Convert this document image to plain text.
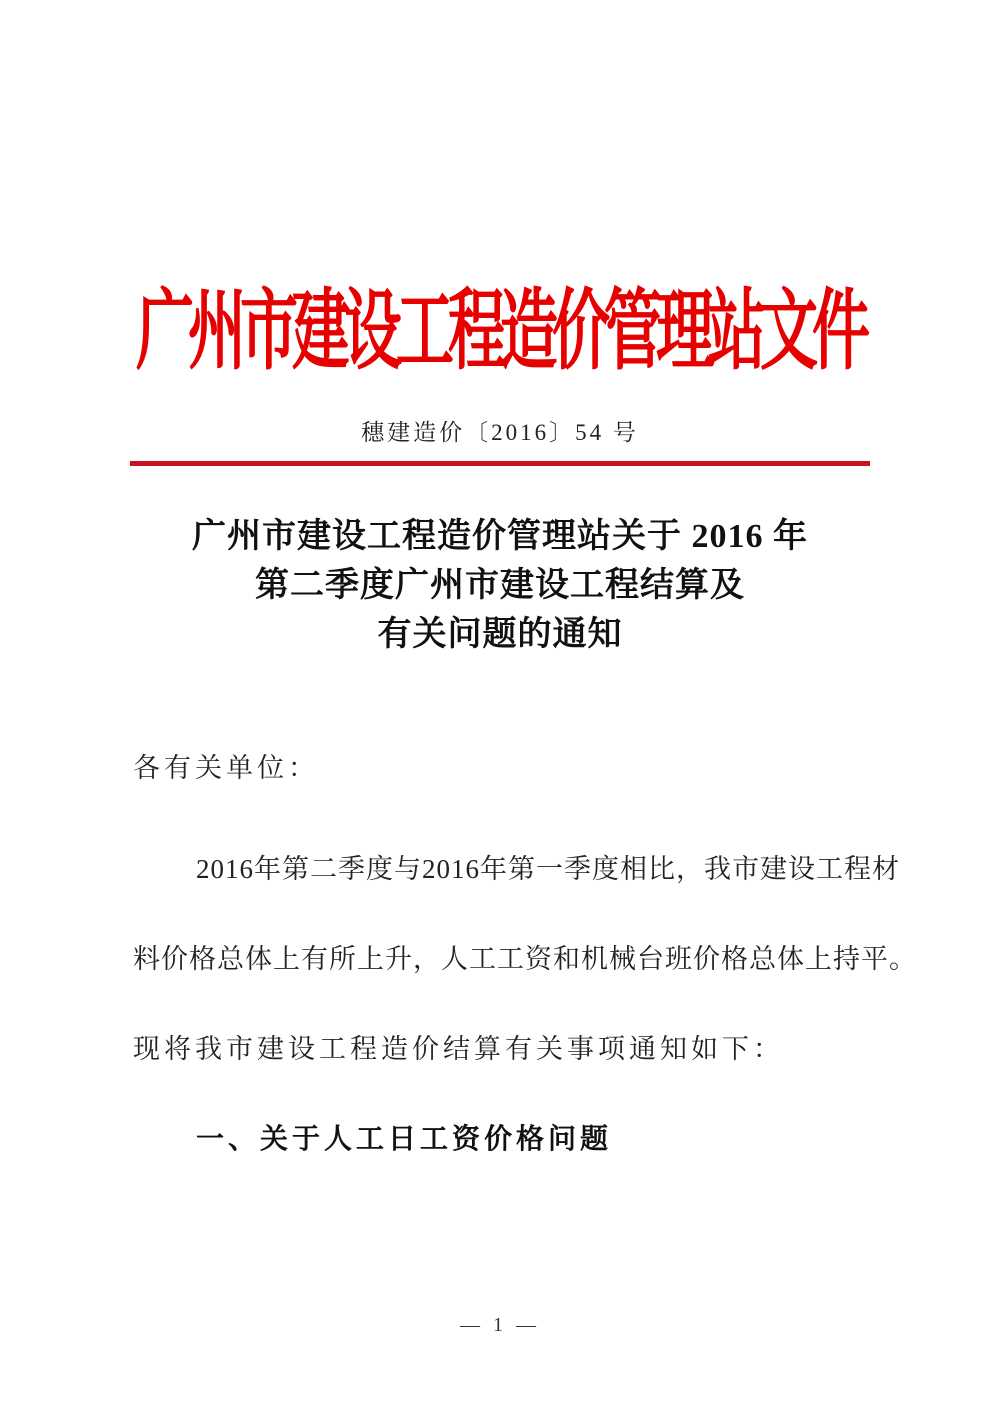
广州市建设工程造价管理站文件
穗建造价〔2016〕54 号
广州市建设工程造价管理站关于 2016 年
第二季度广州市建设工程结算及
有关问题的通知
各有关单位：
2016年第二季度与2016年第一季度相比，我市建设工程材
料价格总体上有所上升，人工工资和机械台班价格总体上持平。
现将我市建设工程造价结算有关事项通知如下：
一、关于人工日工资价格问题
— 1 —
